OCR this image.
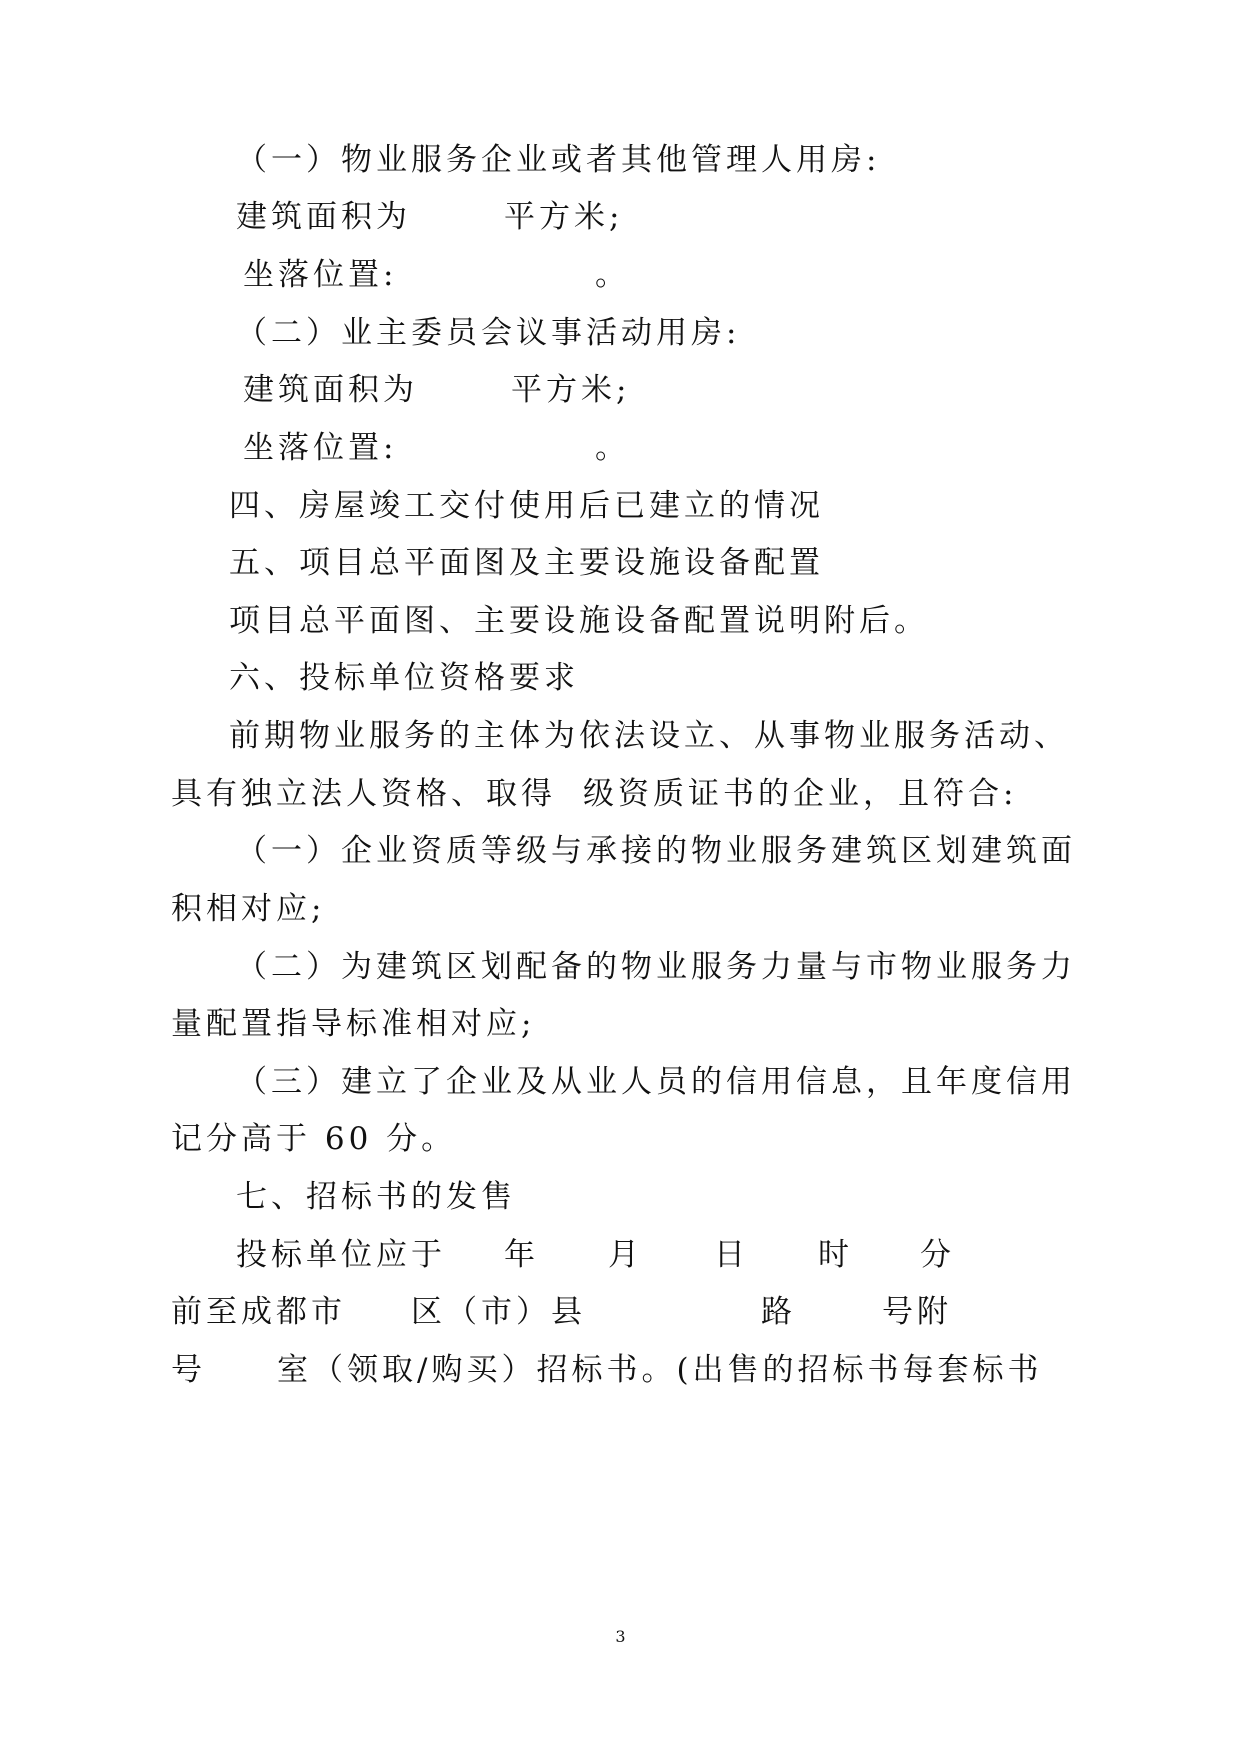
（一）物业服务企业或者其他管理人用房:

建筑面积为

	平方米;

坐落位置:

	。

（二）业主委员会议事活动用房:

建筑面积为

	平方米;

坐落位置:

	。

四、房屋竣工交付使用后已建立的情况

五、项目总平面图及主要设施设备配置

项目总平面图、主要设施设备配置说明附后。

六、投标单位资格要求

前期物业服务的主体为依法设立、从事物业服务活动、

具有独立法人资格、取得

级资质证书的企业，且符合:

（一）企业资质等级与承接的物业服务建筑区划建筑面

积相对应;

（二）为建筑区划配备的物业服务力量与市物业服务力

量配置指导标准相对应;

（三）建立了企业及从业人员的信用信息，且年度信用

记分高于 60 分。

七、招标书的发售

投标单位应于

年

月

日

时

分

前至成都市

区（市）县

	路

	号附

号

室（领取/购买）招标书。(出售的招标书每套标书

3
